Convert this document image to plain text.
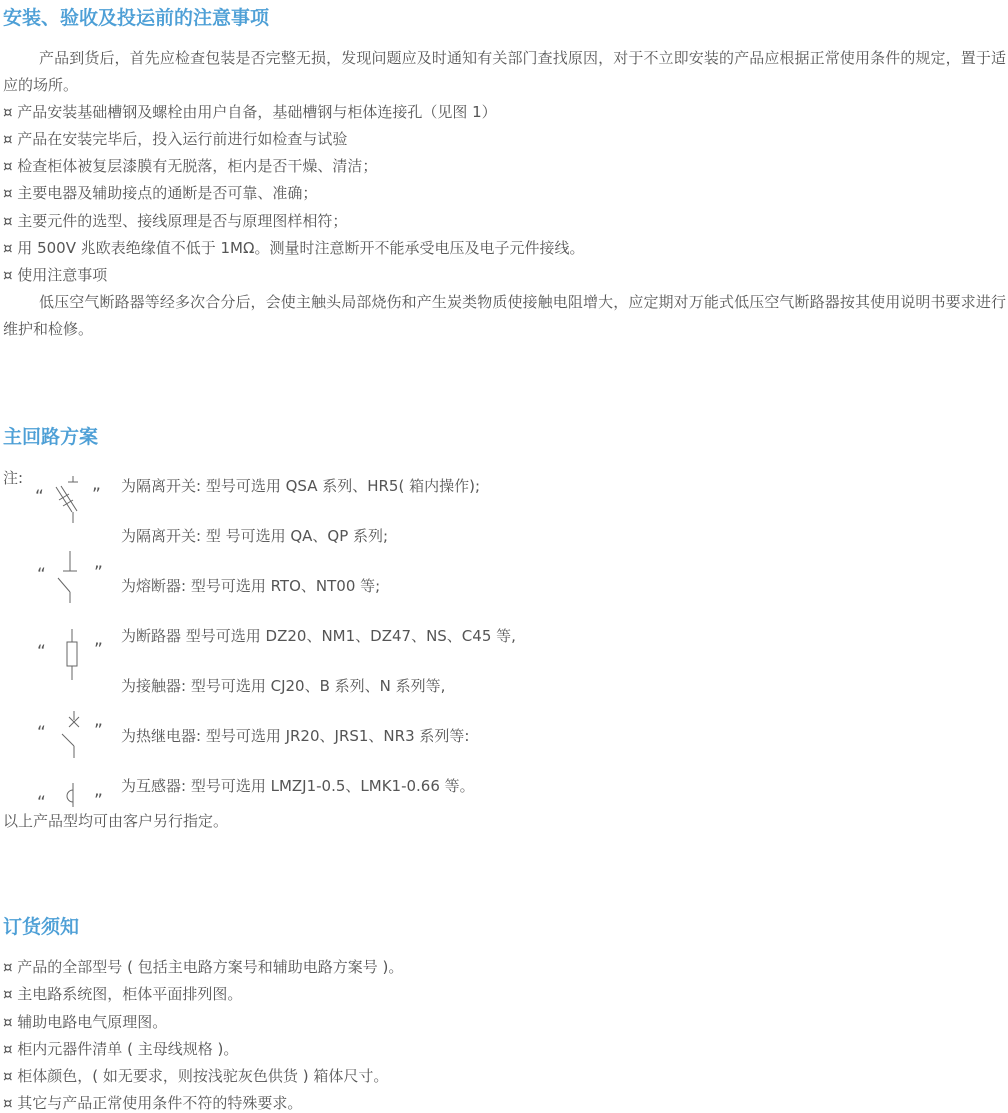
安装、验收及投运前的注意事项

产品到货后，首先应检查包装是否完整无损，发现问题应及时通知有关部门查找原因，对于不立即安装的产品应根据正常使用条件的规定，置于适应的场所。

¤ 产品安装基础槽钢及螺栓由用户自备，基础槽钢与柜体连接孔（见图 1）
¤ 产品在安装完毕后，投入运行前进行如检查与试验
¤ 检查柜体被复层漆膜有无脱落，柜内是否干燥、清洁；
¤ 主要电器及辅助接点的通断是否可靠、准确；
¤ 主要元件的选型、接线原理是否与原理图样相符；
¤ 用 500V 兆欧表绝缘值不低于 1MΩ。测量时注意断开不能承受电压及电子元件接线。
¤ 使用注意事项

低压空气断路器等经多次合分后，会使主触头局部烧伤和产生炭类物质使接触电阻增大，应定期对万能式低压空气断路器按其使用说明书要求进行维护和检修。

主回路方案
注:
“	” 为隔离开关: 型号可选用 QSA 系列、HR5( 箱内操作);
为隔离开关: 型 号可选用 QA、QP 系列;
“	”
为熔断器: 型号可选用 RTO、NT00 等;
“	”
为断路器 型号可选用 DZ20、NM1、DZ47、NS、C45 等,
为接触器: 型号可选用 CJ20、B 系列、N 系列等,
“	” 为热继电器: 型号可选用 JR20、JRS1、NR3 系列等:
“	”
为互感器: 型号可选用 LMZJ1-0.5、LMK1-0.66 等。
以上产品型均可由客户另行指定。
订货须知
¤ 产品的全部型号 ( 包括主电路方案号和辅助电路方案号 )。
¤ 主电路系统图，柜体平面排列图。
¤ 辅助电路电气原理图。
¤ 柜内元器件清单 ( 主母线规格 )。
¤ 柜体颜色，( 如无要求，则按浅驼灰色供货 ) 箱体尺寸。
¤ 其它与产品正常使用条件不符的特殊要求。
